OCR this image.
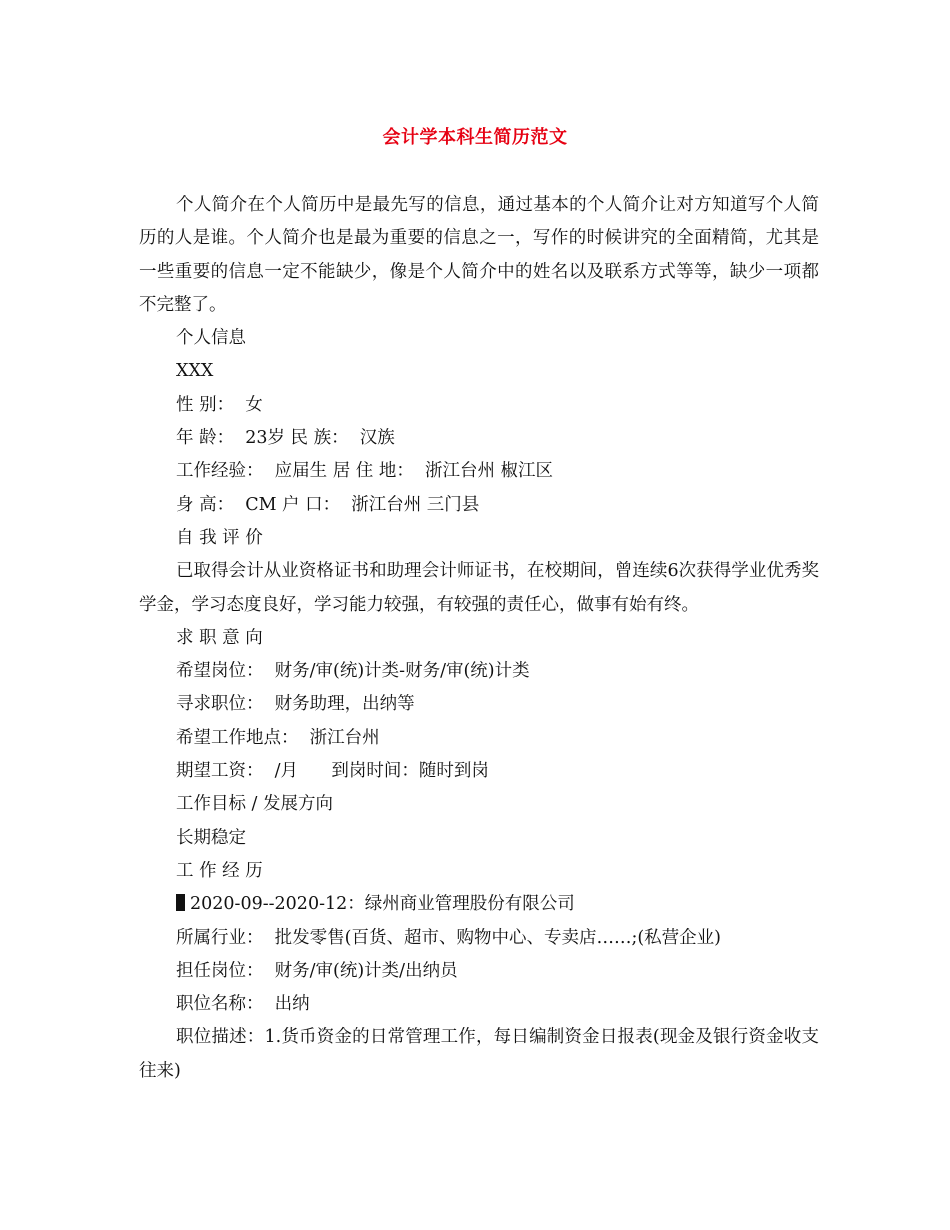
会计学本科生简历范文

个人简介在个人简历中是最先写的信息，通过基本的个人简介让对方知道写个人简历的人是谁。个人简介也是最为重要的信息之一，写作的时候讲究的全面精简，尤其是一些重要的信息一定不能缺少，像是个人简介中的姓名以及联系方式等等，缺少一项都不完整了。

个人信息

XXX

性 别：  女

年 龄：  23岁 民 族：  汉族

工作经验：  应届生 居 住 地：  浙江台州 椒江区

身 高：  CM 户 口：  浙江台州 三门县

自 我 评 价

已取得会计从业资格证书和助理会计师证书，在校期间，曾连续6次获得学业优秀奖学金，学习态度良好，学习能力较强，有较强的责任心，做事有始有终。

求 职 意 向

希望岗位：  财务/审(统)计类-财务/审(统)计类

寻求职位：  财务助理，出纳等

希望工作地点：  浙江台州

期望工资：  /月      到岗时间：随时到岗

工作目标 / 发展方向

长期稳定

工 作 经 历

2020-09--2020-12：绿州商业管理股份有限公司

所属行业：  批发零售(百货、超市、购物中心、专卖店……;(私营企业)

担任岗位：  财务/审(统)计类/出纳员

职位名称：  出纳

职位描述：1.货币资金的日常管理工作，每日编制资金日报表(现金及银行资金收支往来)
